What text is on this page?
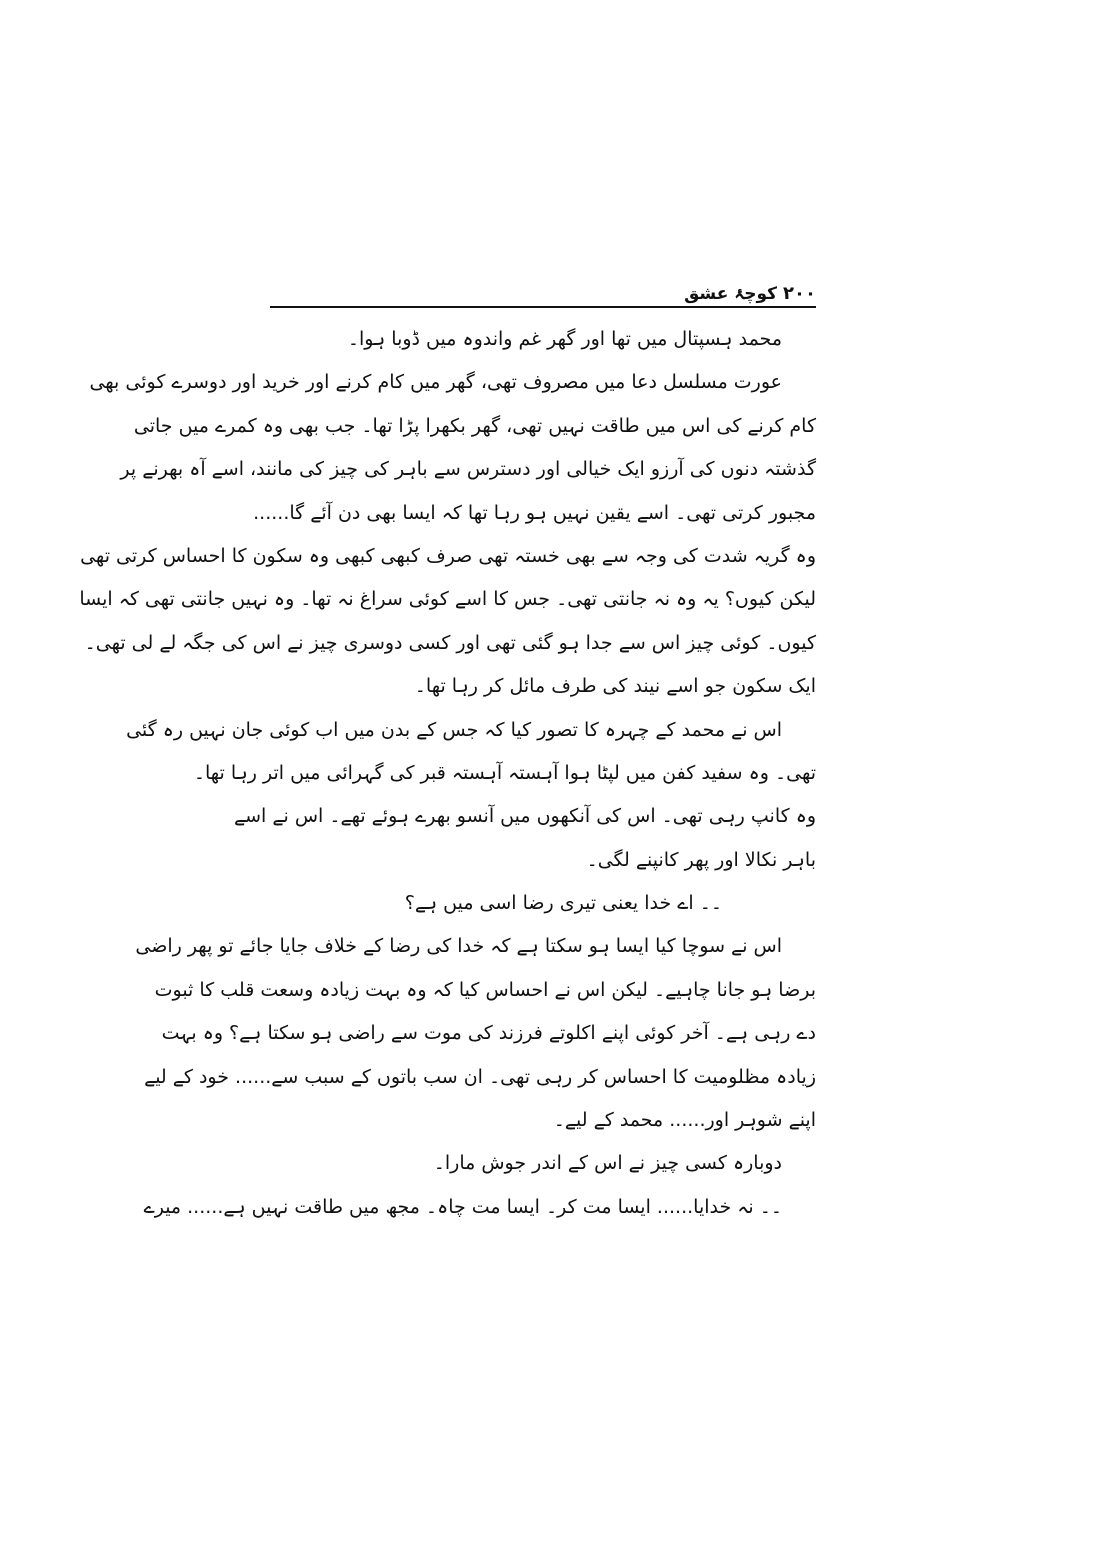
۲۰۰
کوچۂ عشق
محمد ہسپتال میں تھا اور گھر غم واندوہ میں ڈوبا ہوا۔
عورت مسلسل دعا میں مصروف تھی، گھر میں کام کرنے اور خرید اور دوسرے کوئی بھی
کام کرنے کی اس میں طاقت نہیں تھی، گھر بکھرا پڑا تھا۔ جب بھی وہ کمرے میں جاتی
گذشتہ دنوں کی آرزو ایک خیالی اور دسترس سے باہر کی چیز کی مانند، اسے آہ بھرنے پر
مجبور کرتی تھی۔ اسے یقین نہیں ہو رہا تھا کہ ایسا بھی دن آئے گا......
وہ گریہ شدت کی وجہ سے بھی خستہ تھی صرف کبھی کبھی وہ سکون کا احساس کرتی تھی
لیکن کیوں؟ یہ وہ نہ جانتی تھی۔ جس کا اسے کوئی سراغ نہ تھا۔ وہ نہیں جانتی تھی کہ ایسا
کیوں۔ کوئی چیز اس سے جدا ہو گئی تھی اور کسی دوسری چیز نے اس کی جگہ لے لی تھی۔
ایک سکون جو اسے نیند کی طرف مائل کر رہا تھا۔
اس نے محمد کے چہرہ کا تصور کیا کہ جس کے بدن میں اب کوئی جان نہیں رہ گئی
تھی۔ وہ سفید کفن میں لپٹا ہوا آہستہ آہستہ قبر کی گہرائی میں اتر رہا تھا۔
وہ کانپ رہی تھی۔ اس کی آنکھوں میں آنسو بھرے ہوئے تھے۔ اس نے اسے
باہر نکالا اور پھر کانپنے لگی۔
۔۔ اے خدا یعنی تیری رضا اسی میں ہے؟
اس نے سوچا کیا ایسا ہو سکتا ہے کہ خدا کی رضا کے خلاف جایا جائے تو پھر راضی
برضا ہو جانا چاہیے۔ لیکن اس نے احساس کیا کہ وہ بہت زیادہ وسعت قلب کا ثبوت
دے رہی ہے۔ آخر کوئی اپنے اکلوتے فرزند کی موت سے راضی ہو سکتا ہے؟ وہ بہت
زیادہ مظلومیت کا احساس کر رہی تھی۔ ان سب باتوں کے سبب سے...... خود کے لیے
اپنے شوہر اور...... محمد کے لیے۔
دوبارہ کسی چیز نے اس کے اندر جوش مارا۔
۔۔ نہ خدایا...... ایسا مت کر۔ ایسا مت چاہ۔ مجھ میں طاقت نہیں ہے...... میرے
